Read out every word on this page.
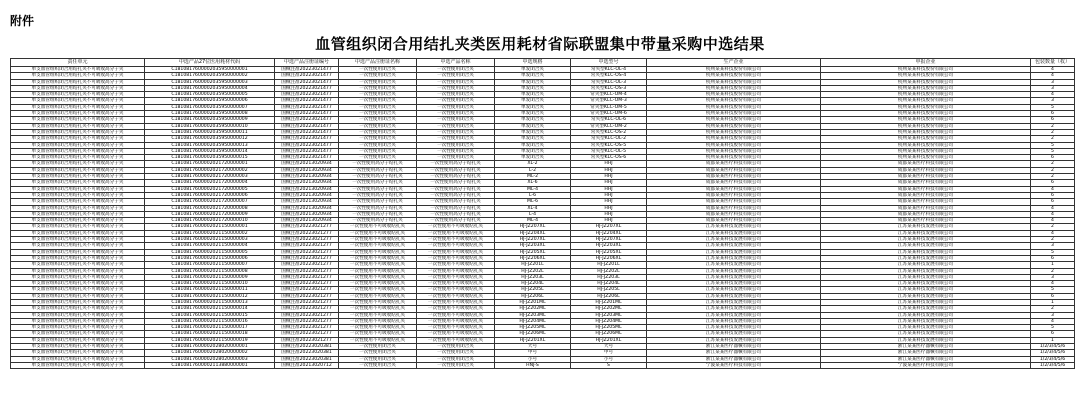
附件
血管组织闭合用结扎夹类医用耗材省际联盟集中带量采购中选结果
责任单元	中选产品27位医用耗材代码	中选产品注册证编号	中选产品注册证名称	中选产品名称	中选规格	中选型号	生产企业	申报企业	包装数量（枚）
单支血管组织闭合用结扎夹不可吸收高分子夹	C1810817600002035950000001	国械注准20223021477	一次性使用闭合夹	一次性使用闭合夹	单发闭合夹	常夹型KLC-OL-4	杭州某某科技股份有限公司	杭州某某科技股份有限公司	4
单支血管组织闭合用结扎夹不可吸收高分子夹	C1810817600002035950000002	国械注准20223021477	一次性使用闭合夹	一次性使用闭合夹	单发闭合夹	常夹型KLC-OS-4	杭州某某科技股份有限公司	杭州某某科技股份有限公司	4
单支血管组织闭合用结扎夹不可吸收高分子夹	C1810817600002035950000003	国械注准20223021477	一次性使用闭合夹	一次性使用闭合夹	单发闭合夹	常夹型KLC-OL-3	杭州某某科技股份有限公司	杭州某某科技股份有限公司	3
单支血管组织闭合用结扎夹不可吸收高分子夹	C1810817600002035950000004	国械注准20223021477	一次性使用闭合夹	一次性使用闭合夹	单发闭合夹	常夹型KLC-OS-3	杭州某某科技股份有限公司	杭州某某科技股份有限公司	3
单支血管组织闭合用结扎夹不可吸收高分子夹	C1810817600002035950000005	国械注准20223021477	一次性使用闭合夹	一次性使用闭合夹	单发闭合夹	常夹型KLC-OM-4	杭州某某科技股份有限公司	杭州某某科技股份有限公司	4
单支血管组织闭合用结扎夹不可吸收高分子夹	C1810817600002035950000006	国械注准20223021477	一次性使用闭合夹	一次性使用闭合夹	单发闭合夹	常夹型KLC-OM-3	杭州某某科技股份有限公司	杭州某某科技股份有限公司	3
单支血管组织闭合用结扎夹不可吸收高分子夹	C1810817600002035950000007	国械注准20223021477	一次性使用闭合夹	一次性使用闭合夹	单发闭合夹	常夹型KLC-OM-5	杭州某某科技股份有限公司	杭州某某科技股份有限公司	5
单支血管组织闭合用结扎夹不可吸收高分子夹	C1810817600002035950000008	国械注准20223021477	一次性使用闭合夹	一次性使用闭合夹	单发闭合夹	常夹型KLC-OM-6	杭州某某科技股份有限公司	杭州某某科技股份有限公司	6
单支血管组织闭合用结扎夹不可吸收高分子夹	C1810817600002035950000009	国械注准20223021477	一次性使用闭合夹	一次性使用闭合夹	单发闭合夹	常夹型KLC-OL-6	杭州某某科技股份有限公司	杭州某某科技股份有限公司	6
单支血管组织闭合用结扎夹不可吸收高分子夹	C1810817600002035950000010	国械注准20223021477	一次性使用闭合夹	一次性使用闭合夹	单发闭合夹	常夹型KLC-OM-2	杭州某某科技股份有限公司	杭州某某科技股份有限公司	2
单支血管组织闭合用结扎夹不可吸收高分子夹	C1810817600002035950000011	国械注准20223021477	一次性使用闭合夹	一次性使用闭合夹	单发闭合夹	常夹型KLC-OS-2	杭州某某科技股份有限公司	杭州某某科技股份有限公司	2
单支血管组织闭合用结扎夹不可吸收高分子夹	C1810817600002035950000012	国械注准20223021477	一次性使用闭合夹	一次性使用闭合夹	单发闭合夹	常夹型KLC-OL-2	杭州某某科技股份有限公司	杭州某某科技股份有限公司	2
单支血管组织闭合用结扎夹不可吸收高分子夹	C1810817600002035950000013	国械注准20223021477	一次性使用闭合夹	一次性使用闭合夹	单发闭合夹	常夹型KLC-OS-5	杭州某某科技股份有限公司	杭州某某科技股份有限公司	5
单支血管组织闭合用结扎夹不可吸收高分子夹	C1810817600002035950000014	国械注准20223021477	一次性使用闭合夹	一次性使用闭合夹	单发闭合夹	常夹型KLC-OL-5	杭州某某科技股份有限公司	杭州某某科技股份有限公司	5
单支血管组织闭合用结扎夹不可吸收高分子夹	C1810817600002035950000015	国械注准20223021477	一次性使用闭合夹	一次性使用闭合夹	单发闭合夹	常夹型KLC-OS-6	杭州某某科技股份有限公司	杭州某某科技股份有限公司	6
单支血管组织闭合用结扎夹不可吸收高分子夹	C1810817600002021720000001	国械注准20213020934	一次性使用高分子结扎夹	一次性使用高分子结扎夹	XL-2	HHJ	成都某某医疗科技有限公司	成都某某医疗科技有限公司	2
单支血管组织闭合用结扎夹不可吸收高分子夹	C1810817600002021720000002	国械注准20213020934	一次性使用高分子结扎夹	一次性使用高分子结扎夹	L-2	HHJ	成都某某医疗科技有限公司	成都某某医疗科技有限公司	2
单支血管组织闭合用结扎夹不可吸收高分子夹	C1810817600002021720000003	国械注准20213020934	一次性使用高分子结扎夹	一次性使用高分子结扎夹	ML-2	HHJ	成都某某医疗科技有限公司	成都某某医疗科技有限公司	2
单支血管组织闭合用结扎夹不可吸收高分子夹	C1810817600002021720000004	国械注准20213020934	一次性使用高分子结扎夹	一次性使用高分子结扎夹	XL-6	HHJ	成都某某医疗科技有限公司	成都某某医疗科技有限公司	6
单支血管组织闭合用结扎夹不可吸收高分子夹	C1810817600002021720000005	国械注准20213020934	一次性使用高分子结扎夹	一次性使用高分子结扎夹	ML-4	HHJ	成都某某医疗科技有限公司	成都某某医疗科技有限公司	4
单支血管组织闭合用结扎夹不可吸收高分子夹	C1810817600002021720000006	国械注准20213020934	一次性使用高分子结扎夹	一次性使用高分子结扎夹	L-6	HHJ	成都某某医疗科技有限公司	成都某某医疗科技有限公司	6
单支血管组织闭合用结扎夹不可吸收高分子夹	C1810817600002021720000007	国械注准20213020934	一次性使用高分子结扎夹	一次性使用高分子结扎夹	ML-6	HHJ	成都某某医疗科技有限公司	成都某某医疗科技有限公司	6
单支血管组织闭合用结扎夹不可吸收高分子夹	C1810817600002021720000008	国械注准20213020934	一次性使用高分子结扎夹	一次性使用高分子结扎夹	XL-4	HHJ	成都某某医疗科技有限公司	成都某某医疗科技有限公司	4
单支血管组织闭合用结扎夹不可吸收高分子夹	C1810817600002021720000009	国械注准20213020934	一次性使用高分子结扎夹	一次性使用高分子结扎夹	L-4	HHJ	成都某某医疗科技有限公司	成都某某医疗科技有限公司	4
单支血管组织闭合用结扎夹不可吸收高分子夹	C1810817600002021720000010	国械注准20213020934	一次性使用高分子结扎夹	一次性使用高分子结扎夹	ML-4	HHJ	成都某某医疗科技有限公司	成都某某医疗科技有限公司	4
单支血管组织闭合用结扎夹不可吸收高分子夹	C1810817600002021150000001	国械注准20223021277	一次性使用不可吸收结扎夹	一次性使用不可吸收结扎夹	HJ-JZ207XL	HJ-JZ207XL	江苏某某科技发展有限公司	江苏某某科技发展有限公司	2
单支血管组织闭合用结扎夹不可吸收高分子夹	C1810817600002021150000002	国械注准20223021277	一次性使用不可吸收结扎夹	一次性使用不可吸收结扎夹	HJ-JZ204XL	HJ-JZ204XL	江苏某某科技发展有限公司	江苏某某科技发展有限公司	4
单支血管组织闭合用结扎夹不可吸收高分子夹	C1810817600002021150000003	国械注准20223021277	一次性使用不可吸收结扎夹	一次性使用不可吸收结扎夹	HJ-JZ207XL	HJ-JZ207XL	江苏某某科技发展有限公司	江苏某某科技发展有限公司	2
单支血管组织闭合用结扎夹不可吸收高分子夹	C1810817600002021150000004	国械注准20223021277	一次性使用不可吸收结扎夹	一次性使用不可吸收结扎夹	HJ-JZ203XL	HJ-JZ203XL	江苏某某科技发展有限公司	江苏某某科技发展有限公司	3
单支血管组织闭合用结扎夹不可吸收高分子夹	C1810817600002021150000005	国械注准20223021277	一次性使用不可吸收结扎夹	一次性使用不可吸收结扎夹	HJ-JZ205XL	HJ-JZ205XL	江苏某某科技发展有限公司	江苏某某科技发展有限公司	5
单支血管组织闭合用结扎夹不可吸收高分子夹	C1810817600002021150000006	国械注准20223021277	一次性使用不可吸收结扎夹	一次性使用不可吸收结扎夹	HJ-JZ206XL	HJ-JZ206XL	江苏某某科技发展有限公司	江苏某某科技发展有限公司	6
单支血管组织闭合用结扎夹不可吸收高分子夹	C1810817600002021150000007	国械注准20223021277	一次性使用不可吸收结扎夹	一次性使用不可吸收结扎夹	HJ-JZ201L	HJ-JZ201L	江苏某某科技发展有限公司	江苏某某科技发展有限公司	1
单支血管组织闭合用结扎夹不可吸收高分子夹	C1810817600002021150000008	国械注准20223021277	一次性使用不可吸收结扎夹	一次性使用不可吸收结扎夹	HJ-JZ202L	HJ-JZ202L	江苏某某科技发展有限公司	江苏某某科技发展有限公司	2
单支血管组织闭合用结扎夹不可吸收高分子夹	C1810817600002021150000009	国械注准20223021277	一次性使用不可吸收结扎夹	一次性使用不可吸收结扎夹	HJ-JZ203L	HJ-JZ203L	江苏某某科技发展有限公司	江苏某某科技发展有限公司	3
单支血管组织闭合用结扎夹不可吸收高分子夹	C1810817600002021150000010	国械注准20223021277	一次性使用不可吸收结扎夹	一次性使用不可吸收结扎夹	HJ-JZ204L	HJ-JZ204L	江苏某某科技发展有限公司	江苏某某科技发展有限公司	4
单支血管组织闭合用结扎夹不可吸收高分子夹	C1810817600002021150000011	国械注准20223021277	一次性使用不可吸收结扎夹	一次性使用不可吸收结扎夹	HJ-JZ205L	HJ-JZ205L	江苏某某科技发展有限公司	江苏某某科技发展有限公司	5
单支血管组织闭合用结扎夹不可吸收高分子夹	C1810817600002021150000012	国械注准20223021277	一次性使用不可吸收结扎夹	一次性使用不可吸收结扎夹	HJ-JZ206L	HJ-JZ206L	江苏某某科技发展有限公司	江苏某某科技发展有限公司	6
单支血管组织闭合用结扎夹不可吸收高分子夹	C1810817600002021150000013	国械注准20223021277	一次性使用不可吸收结扎夹	一次性使用不可吸收结扎夹	HJ-JZ201ML	HJ-JZ201ML	江苏某某科技发展有限公司	江苏某某科技发展有限公司	1
单支血管组织闭合用结扎夹不可吸收高分子夹	C1810817600002021150000014	国械注准20223021277	一次性使用不可吸收结扎夹	一次性使用不可吸收结扎夹	HJ-JZ202ML	HJ-JZ202ML	江苏某某科技发展有限公司	江苏某某科技发展有限公司	2
单支血管组织闭合用结扎夹不可吸收高分子夹	C1810817600002021150000015	国械注准20223021277	一次性使用不可吸收结扎夹	一次性使用不可吸收结扎夹	HJ-JZ203ML	HJ-JZ203ML	江苏某某科技发展有限公司	江苏某某科技发展有限公司	3
单支血管组织闭合用结扎夹不可吸收高分子夹	C1810817600002021150000016	国械注准20223021277	一次性使用不可吸收结扎夹	一次性使用不可吸收结扎夹	HJ-JZ204ML	HJ-JZ204ML	江苏某某科技发展有限公司	江苏某某科技发展有限公司	4
单支血管组织闭合用结扎夹不可吸收高分子夹	C1810817600002021150000017	国械注准20223021277	一次性使用不可吸收结扎夹	一次性使用不可吸收结扎夹	HJ-JZ205ML	HJ-JZ205ML	江苏某某科技发展有限公司	江苏某某科技发展有限公司	5
单支血管组织闭合用结扎夹不可吸收高分子夹	C1810817600002021150000018	国械注准20223021277	一次性使用不可吸收结扎夹	一次性使用不可吸收结扎夹	HJ-JZ206ML	HJ-JZ206ML	江苏某某科技发展有限公司	江苏某某科技发展有限公司	6
单支血管组织闭合用结扎夹不可吸收高分子夹	C1810817600002021150000019	国械注准20223021277	一次性使用不可吸收结扎夹	一次性使用不可吸收结扎夹	HJ-JZ201XL	HJ-JZ201XL	江苏某某科技发展有限公司	江苏某某科技发展有限公司	1
单支血管组织闭合用结扎夹不可吸收高分子夹	C1810817600002028020000001	国械注准20223020381	一次性使用闭合夹	一次性使用闭合夹	大号	大号	浙江某某医疗器械有限公司	浙江某某医疗器械有限公司	1/2/3/4/5/6
单支血管组织闭合用结扎夹不可吸收高分子夹	C1810817600002028020000002	国械注准20223020381	一次性使用闭合夹	一次性使用闭合夹	中号	中号	浙江某某医疗器械有限公司	浙江某某医疗器械有限公司	1/2/3/4/5/6
单支血管组织闭合用结扎夹不可吸收高分子夹	C1810817600002028020000003	国械注准20223020381	一次性使用闭合夹	一次性使用闭合夹	小号	小号	浙江某某医疗器械有限公司	浙江某某医疗器械有限公司	1/2/3/4/5/6
单支血管组织闭合用结扎夹不可吸收高分子夹	C1810817600002113880000001	国械注准20213020712	一次性使用闭合夹	一次性使用闭合夹	HNJ-S	S	宁波某某医疗科技有限公司	宁波某某医疗科技有限公司	1/2/3/4/5/6
